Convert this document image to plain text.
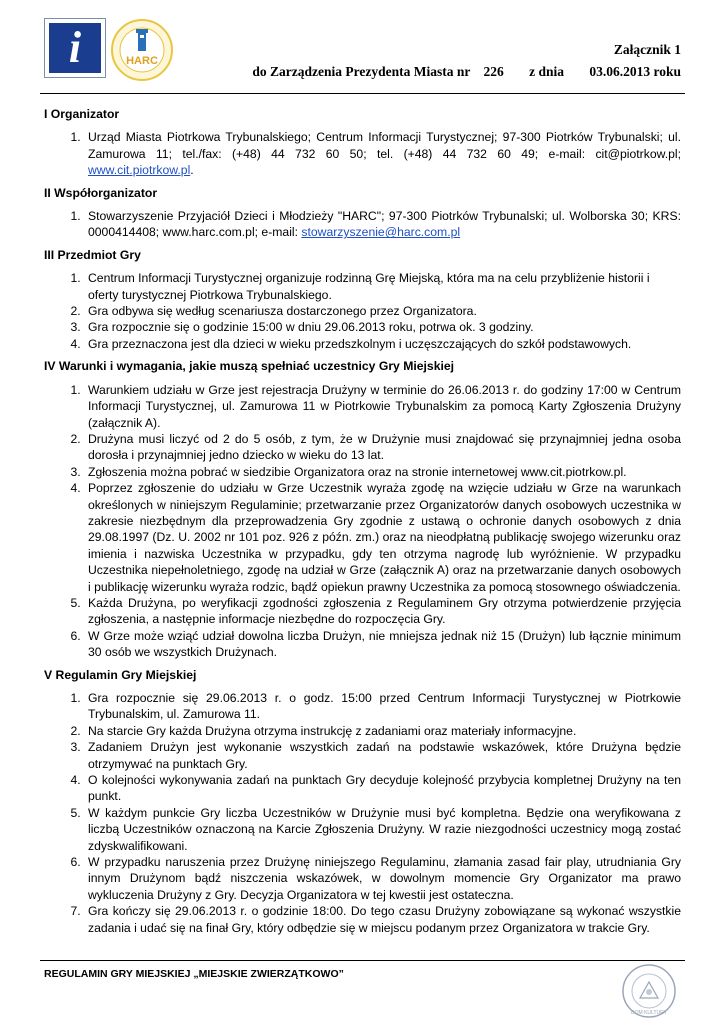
i	HARC
Załącznik 1
do Zarządzenia Prezydenta Miasta nr 226 z dnia 03.06.2013 roku
I Organizator
1. Urząd Miasta Piotrkowa Trybunalskiego; Centrum Informacji Turystycznej; 97-300 Piotrków Trybunalski; ul. Zamurowa 11; tel./fax: (+48) 44 732 60 50; tel. (+48) 44 732 60 49; e-mail: cit@piotrkow.pl; www.cit.piotrkow.pl.
II Współorganizator
1. Stowarzyszenie Przyjaciół Dzieci i Młodzieży "HARC"; 97-300 Piotrków Trybunalski; ul. Wolborska 30; KRS: 0000414408; www.harc.com.pl; e-mail: stowarzyszenie@harc.com.pl
III Przedmiot Gry
1. Centrum Informacji Turystycznej organizuje rodzinną Grę Miejską, która ma na celu przybliżenie historii i oferty turystycznej Piotrkowa Trybunalskiego.
2. Gra odbywa się według scenariusza dostarczonego przez Organizatora.
3. Gra rozpocznie się o godzinie 15:00 w dniu 29.06.2013 roku, potrwa ok. 3 godziny.
4. Gra przeznaczona jest dla dzieci w wieku przedszkolnym i uczęszczających do szkół podstawowych.
IV Warunki i wymagania, jakie muszą spełniać uczestnicy Gry Miejskiej
1. Warunkiem udziału w Grze jest rejestracja Drużyny w terminie do 26.06.2013 r. do godziny 17:00 w Centrum Informacji Turystycznej, ul. Zamurowa 11 w Piotrkowie Trybunalskim za pomocą Karty Zgłoszenia Drużyny (załącznik A).
2. Drużyna musi liczyć od 2 do 5 osób, z tym, że w Drużynie musi znajdować się przynajmniej jedna osoba dorosła i przynajmniej jedno dziecko w wieku do 13 lat.
3. Zgłoszenia można pobrać w siedzibie Organizatora oraz na stronie internetowej www.cit.piotrkow.pl.
4. Poprzez zgłoszenie do udziału w Grze Uczestnik wyraża zgodę na wzięcie udziału w Grze na warunkach określonych w niniejszym Regulaminie; przetwarzanie przez Organizatorów danych osobowych uczestnika w zakresie niezbędnym dla przeprowadzenia Gry zgodnie z ustawą o ochronie danych osobowych z dnia 29.08.1997 (Dz. U. 2002 nr 101 poz. 926 z późn. zm.) oraz na nieodpłatną publikację swojego wizerunku oraz imienia i nazwiska Uczestnika w przypadku, gdy ten otrzyma nagrodę lub wyróżnienie. W przypadku Uczestnika niepełnoletniego, zgodę na udział w Grze (załącznik A) oraz na przetwarzanie danych osobowych i publikację wizerunku wyraża rodzic, bądź opiekun prawny Uczestnika za pomocą stosownego oświadczenia.
5. Każda Drużyna, po weryfikacji zgodności zgłoszenia z Regulaminem Gry otrzyma potwierdzenie przyjęcia zgłoszenia, a następnie informacje niezbędne do rozpoczęcia Gry.
6. W Grze może wziąć udział dowolna liczba Drużyn, nie mniejsza jednak niż 15 (Drużyn) lub łącznie minimum 30 osób we wszystkich Drużynach.
V Regulamin Gry Miejskiej
1. Gra rozpocznie się 29.06.2013 r. o godz. 15:00 przed Centrum Informacji Turystycznej w Piotrkowie Trybunalskim, ul. Zamurowa 11.
2. Na starcie Gry każda Drużyna otrzyma instrukcję z zadaniami oraz materiały informacyjne.
3. Zadaniem Drużyn jest wykonanie wszystkich zadań na podstawie wskazówek, które Drużyna będzie otrzymywać na punktach Gry.
4. O kolejności wykonywania zadań na punktach Gry decyduje kolejność przybycia kompletnej Drużyny na ten punkt.
5. W każdym punkcie Gry liczba Uczestników w Drużynie musi być kompletna. Będzie ona weryfikowana z liczbą Uczestników oznaczoną na Karcie Zgłoszenia Drużyny. W razie niezgodności uczestnicy mogą zostać zdyskwalifikowani.
6. W przypadku naruszenia przez Drużynę niniejszego Regulaminu, złamania zasad fair play, utrudniania Gry innym Drużynom bądź niszczenia wskazówek, w dowolnym momencie Gry Organizator ma prawo wykluczenia Drużyny z Gry. Decyzja Organizatora w tej kwestii jest ostateczna.
7. Gra kończy się 29.06.2013 r. o godzinie 18:00. Do tego czasu Drużyny zobowiązane są wykonać wszystkie zadania i udać się na finał Gry, który odbędzie się w miejscu podanym przez Organizatora w trakcie Gry.
REGULAMIN GRY MIEJSKIEJ „MIEJSKIE ZWIERZĄTKOWO”
DOM KULTURY
